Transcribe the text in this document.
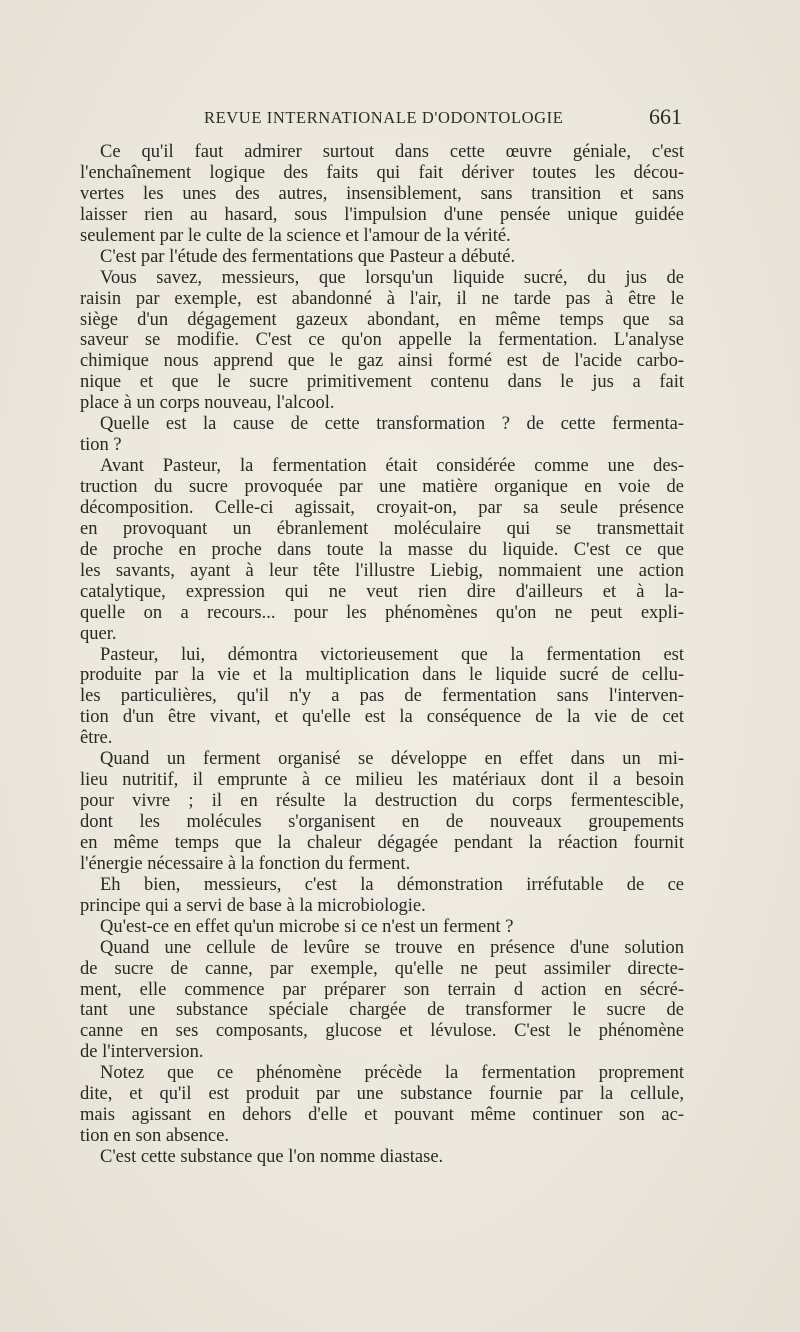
REVUE INTERNATIONALE D'ODONTOLOGIE	661
Ce qu'il faut admirer surtout dans cette œuvre géniale, c'est
l'enchaînement logique des faits qui fait dériver toutes les décou-
vertes les unes des autres, insensiblement, sans transition et sans
laisser rien au hasard, sous l'impulsion d'une pensée unique guidée
seulement par le culte de la science et l'amour de la vérité.
C'est par l'étude des fermentations que Pasteur a débuté.
Vous savez, messieurs, que lorsqu'un liquide sucré, du jus de
raisin par exemple, est abandonné à l'air, il ne tarde pas à être le
siège d'un dégagement gazeux abondant, en même temps que sa
saveur se modifie. C'est ce qu'on appelle la fermentation. L'analyse
chimique nous apprend que le gaz ainsi formé est de l'acide carbo-
nique et que le sucre primitivement contenu dans le jus a fait
place à un corps nouveau, l'alcool.
Quelle est la cause de cette transformation ? de cette fermenta-
tion ?
Avant Pasteur, la fermentation était considérée comme une des-
truction du sucre provoquée par une matière organique en voie de
décomposition. Celle-ci agissait, croyait-on, par sa seule présence
en provoquant un ébranlement moléculaire qui se transmettait
de proche en proche dans toute la masse du liquide. C'est ce que
les savants, ayant à leur tête l'illustre Liebig, nommaient une action
catalytique, expression qui ne veut rien dire d'ailleurs et à la-
quelle on a recours... pour les phénomènes qu'on ne peut expli-
quer.
Pasteur, lui, démontra victorieusement que la fermentation est
produite par la vie et la multiplication dans le liquide sucré de cellu-
les particulières, qu'il n'y a pas de fermentation sans l'interven-
tion d'un être vivant, et qu'elle est la conséquence de la vie de cet
être.
Quand un ferment organisé se développe en effet dans un mi-
lieu nutritif, il emprunte à ce milieu les matériaux dont il a besoin
pour vivre ; il en résulte la destruction du corps fermentescible,
dont les molécules s'organisent en de nouveaux groupements
en même temps que la chaleur dégagée pendant la réaction fournit
l'énergie nécessaire à la fonction du ferment.
Eh bien, messieurs, c'est la démonstration irréfutable de ce
principe qui a servi de base à la microbiologie.
Qu'est-ce en effet qu'un microbe si ce n'est un ferment ?
Quand une cellule de levûre se trouve en présence d'une solution
de sucre de canne, par exemple, qu'elle ne peut assimiler directe-
ment, elle commence par préparer son terrain d action en sécré-
tant une substance spéciale chargée de transformer le sucre de
canne en ses composants, glucose et lévulose. C'est le phénomène
de l'interversion.
Notez que ce phénomène précède la fermentation proprement
dite, et qu'il est produit par une substance fournie par la cellule,
mais agissant en dehors d'elle et pouvant même continuer son ac-
tion en son absence.
C'est cette substance que l'on nomme diastase.
